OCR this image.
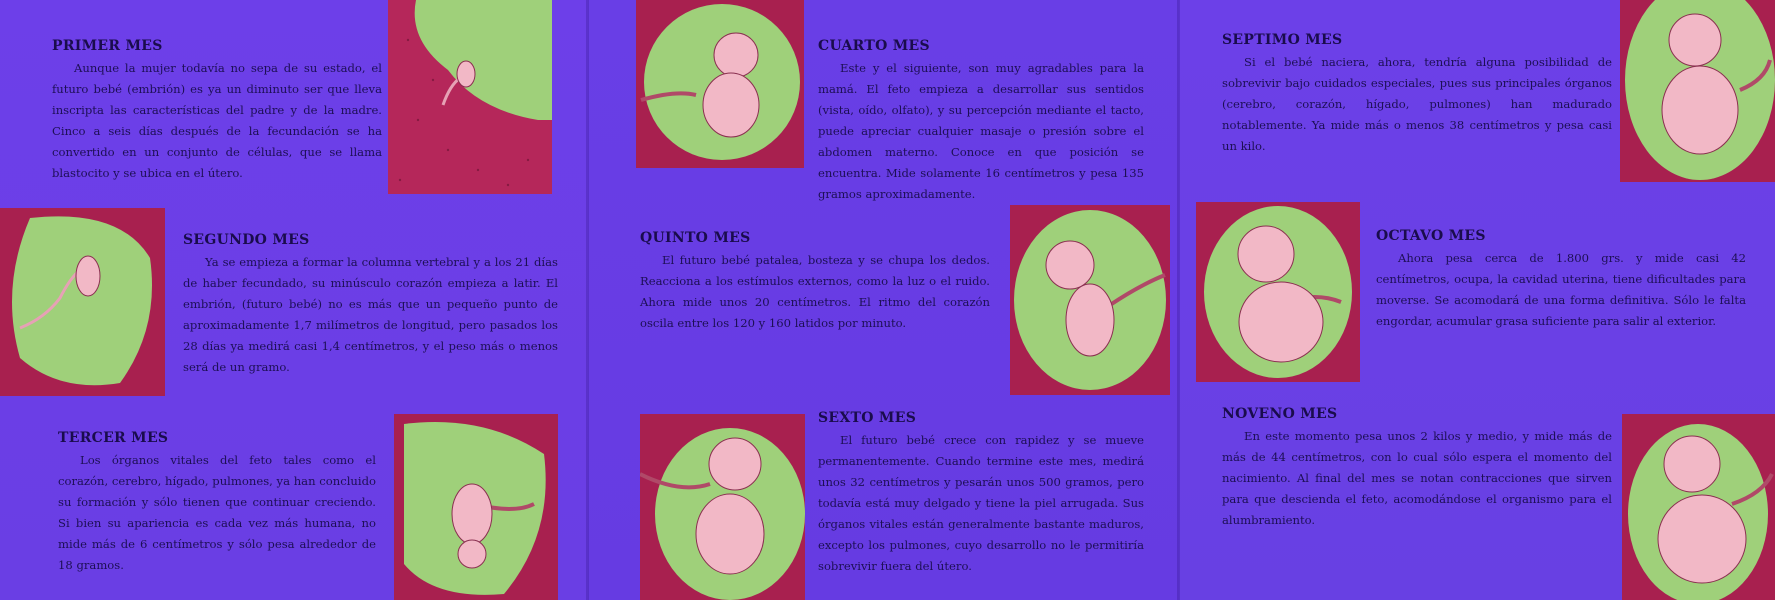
PRIMER MES

Aunque la mujer todavía no sepa de su estado, el futuro bebé (embrión) es ya un diminuto ser que lleva inscripta las características del padre y de la madre. Cinco a seis días después de la fecundación se ha convertido en un conjunto de células, que se llama blastocito y se ubica en el útero.

SEGUNDO MES

Ya se empieza a formar la columna vertebral y a los 21 días de haber fecundado, su minúsculo corazón empieza a latir. El embrión, (futuro bebé) no es más que un pequeño punto de aproximadamente 1,7 milímetros de longitud, pero pasados los 28 días ya medirá casi 1,4 centímetros, y el peso más o menos será de un gramo.

TERCER MES

Los órganos vitales del feto tales como el corazón, cerebro, hígado, pulmones, ya han concluido su formación y sólo tienen que continuar creciendo. Si bien su apariencia es cada vez más humana, no mide más de 6 centímetros y sólo pesa alrededor de 18 gramos.

CUARTO MES

Este y el siguiente, son muy agradables para la mamá. El feto empieza a desarrollar sus sentidos (vista, oído, olfato), y su percepción mediante el tacto, puede apreciar cualquier masaje o presión sobre el abdomen materno. Conoce en que posición se encuentra. Mide solamente 16 centímetros y pesa 135 gramos aproximadamente.

QUINTO MES

El futuro bebé patalea, bosteza y se chupa los dedos. Reacciona a los estímulos externos, como la luz o el ruido. Ahora mide unos 20 centímetros. El ritmo del corazón oscila entre los 120 y 160 latidos por minuto.

SEXTO MES

El futuro bebé crece con rapidez y se mueve permanentemente. Cuando termine este mes, medirá unos 32 centímetros y pesarán unos 500 gramos, pero todavía está muy delgado y tiene la piel arrugada. Sus órganos vitales están generalmente bastante maduros, excepto los pulmones, cuyo desarrollo no le permitiría sobrevivir fuera del útero.

SEPTIMO MES

Si el bebé naciera, ahora, tendría alguna posibilidad de sobrevivir bajo cuidados especiales, pues sus principales órganos (cerebro, corazón, hígado, pulmones) han madurado notablemente. Ya mide más o menos 38 centímetros y pesa casi un kilo.

OCTAVO MES

Ahora pesa cerca de 1.800 grs. y mide casi 42 centímetros, ocupa, la cavidad uterina, tiene dificultades para moverse. Se acomodará de una forma definitiva. Sólo le falta engordar, acumular grasa suficiente para salir al exterior.

NOVENO MES

En este momento pesa unos 2 kilos y medio, y mide más de más de 44 centímetros, con lo cual sólo espera el momento del nacimiento. Al final del mes se notan contracciones que sirven para que descienda el feto, acomodándose el organismo para el alumbramiento.
